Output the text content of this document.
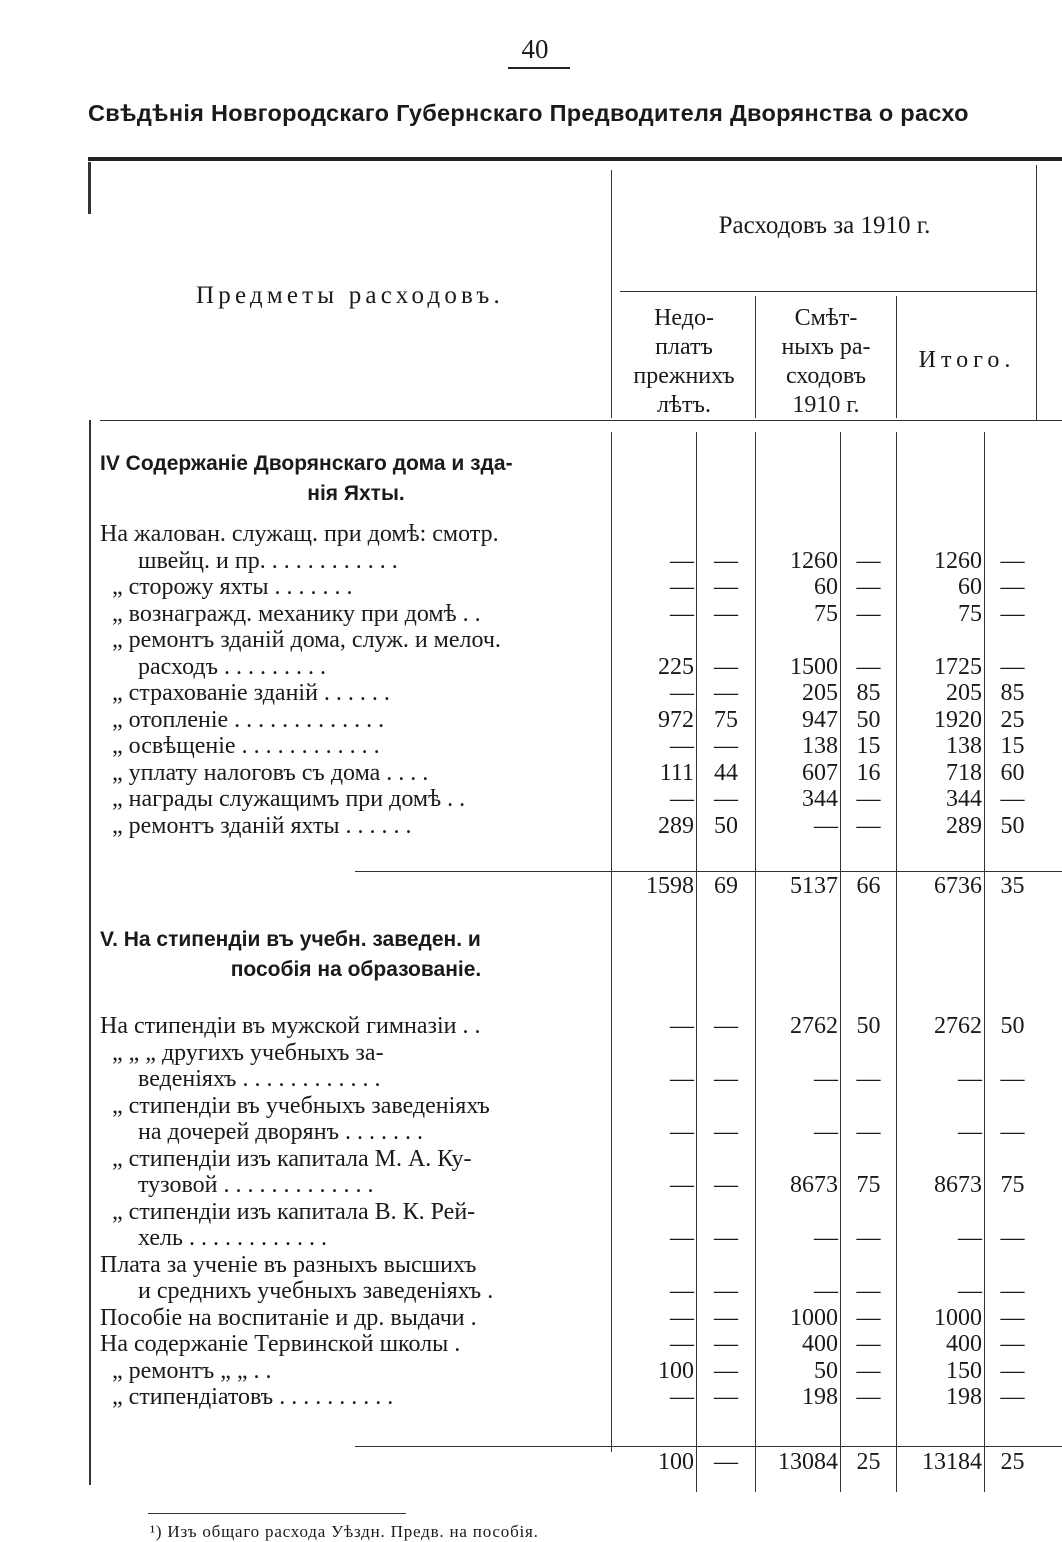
40
Свѣдѣнія Новгородскаго Губернскаго Предводителя Дворянства о расхо
Предметы расходовъ.
Расходовъ за 1910 г.
Недо-
платъ
прежнихъ
лѣтъ.
Смѣт-
ныхъ ра-
сходовъ
1910 г.
Итого.
IV Содержаніе Дворянскаго дома и зда-
нія Яхты.
На жалован. служащ. при домѣ: смотр.
швейц. и пр. . . . . . . . . . . .	— —	1260 —	1260 —
„ сторожу яхты . . . . . . .	— —	60 —	60 —
„ вознагражд. механику при домѣ . .	— —	75 —	75 —
„ ремонтъ зданій дома, служ. и мелоч.
расходъ . . . . . . . . .	225 —	1500 —	1725 —
„ страхованіе зданій . . . . . .	— —	205 85	205 85
„ отопленіе . . . . . . . . . . . . .	972 75	947 50	1920 25
„ освѣщеніе . . . . . . . . . . . .	— —	138 15	138 15
„ уплату налоговъ съ дома . . . .	111 44	607 16	718 60
„ награды служащимъ при домѣ . .	— —	344 —	344 —
„ ремонтъ зданій яхты . . . . . .	289 50	— —	289 50
1598 69	5137 66	6736 35
V. На стипендіи въ учебн. заведен. и
пособія на образованіе.
На стипендіи въ мужской гимназіи . .	— —	2762 50	2762 50
„ „ „ другихъ учебныхъ за-
веденіяхъ . . . . . . . . . . . .	— —	— —	— —
„ стипендіи въ учебныхъ заведеніяхъ
на дочерей дворянъ . . . . . . .	— —	— —	— —
„ стипендіи изъ капитала М. А. Ку-
тузовой . . . . . . . . . . . . .	— —	8673 75	8673 75
„ стипендіи изъ капитала В. К. Рей-
хель . . . . . . . . . . . .	— —	— —	— —
Плата за ученіе въ разныхъ высшихъ
и среднихъ учебныхъ заведеніяхъ .	— —	— —	— —
Пособіе на воспитаніе и др. выдачи .	— —	1000 —	1000 —
На содержаніе Тервинской школы .	— —	400 —	400 —
„ ремонтъ „ „ . .	100 —	50 —	150 —
„ стипендіатовъ . . . . . . . . . .	— —	198 —	198 —
100 —	13084 25	13184 25
¹) Изъ общаго расхода Уѣздн. Предв. на пособія.
